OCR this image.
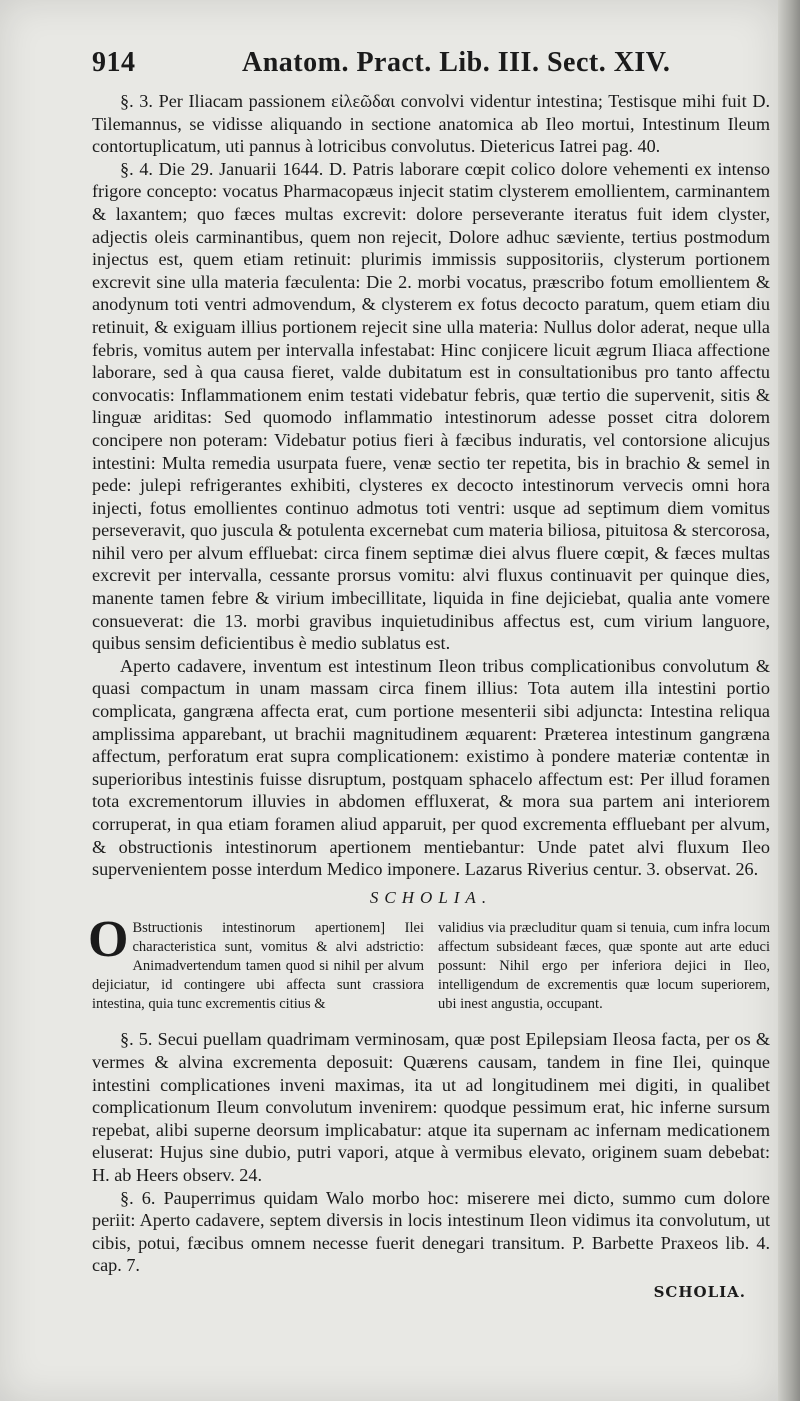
914	Anatom. Pract. Lib. III. Sect. XIV.

§. 3. Per Iliacam passionem εἰλεῶδαι convolvi videntur intestina; Testisque mihi fuit D. Tilemannus, se vidisse aliquando in sectione anatomica ab Ileo mortui, Intestinum Ileum contortuplicatum, uti pannus à lotricibus convolutus. Dietericus Iatrei pag. 40.

§. 4. Die 29. Januarii 1644. D. Patris laborare cœpit colico dolore vehementi ex intenso frigore concepto: vocatus Pharmacopæus injecit statim clysterem emollientem, carminantem & laxantem; quo fæces multas excrevit: dolore perseverante iteratus fuit idem clyster, adjectis oleis carminantibus, quem non rejecit, Dolore adhuc sæviente, tertius postmodum injectus est, quem etiam retinuit: plurimis immissis suppositoriis, clysterum portionem excrevit sine ulla materia fæculenta: Die 2. morbi vocatus, præscribo fotum emollientem & anodynum toti ventri admovendum, & clysterem ex fotus decocto paratum, quem etiam diu retinuit, & exiguam illius portionem rejecit sine ulla materia: Nullus dolor aderat, neque ulla febris, vomitus autem per intervalla infestabat: Hinc conjicere licuit ægrum Iliaca affectione laborare, sed à qua causa fieret, valde dubitatum est in consultationibus pro tanto affectu convocatis: Inflammationem enim testati videbatur febris, quæ tertio die supervenit, sitis & linguæ ariditas: Sed quomodo inflammatio intestinorum adesse posset citra dolorem concipere non poteram: Videbatur potius fieri à fæcibus induratis, vel contorsione alicujus intestini: Multa remedia usurpata fuere, venæ sectio ter repetita, bis in brachio & semel in pede: julepi refrigerantes exhibiti, clysteres ex decocto intestinorum vervecis omni hora injecti, fotus emollientes continuo admotus toti ventri: usque ad septimum diem vomitus perseveravit, quo juscula & potulenta excernebat cum materia biliosa, pituitosa & stercorosa, nihil vero per alvum effluebat: circa finem septimæ diei alvus fluere cœpit, & fæces multas excrevit per intervalla, cessante prorsus vomitu: alvi fluxus continuavit per quinque dies, manente tamen febre & virium imbecillitate, liquida in fine dejiciebat, qualia ante vomere consueverat: die 13. morbi gravibus inquietudinibus affectus est, cum virium languore, quibus sensim deficientibus è medio sublatus est.

Aperto cadavere, inventum est intestinum Ileon tribus complicationibus convolutum & quasi compactum in unam massam circa finem illius: Tota autem illa intestini portio complicata, gangræna affecta erat, cum portione mesenterii sibi adjuncta: Intestina reliqua amplissima apparebant, ut brachii magnitudinem æquarent: Præterea intestinum gangræna affectum, perforatum erat supra complicationem: existimo à pondere materiæ contentæ in superioribus intestinis fuisse disruptum, postquam sphacelo affectum est: Per illud foramen tota excrementorum illuvies in abdomen effluxerat, & mora sua partem ani interiorem corruperat, in qua etiam foramen aliud apparuit, per quod excrementa effluebant per alvum, & obstructionis intestinorum apertionem mentiebantur: Unde patet alvi fluxum Ileo supervenientem posse interdum Medico imponere. Lazarus Riverius centur. 3. observat. 26.

SCHOLIA.
O Bstructionis intestinorum apertionem] Ilei characteristica sunt, vomitus & alvi adstrictio: Animadvertendum tamen quod si nihil per alvum dejiciatur, id contingere ubi affecta sunt crassiora intestina, quia tunc excrementis citius &
validius via præcluditur quam si tenuia, cum infra locum affectum subsideant fæces, quæ sponte aut arte educi possunt: Nihil ergo per inferiora dejici in Ileo, intelligendum de excrementis quæ locum superiorem, ubi inest angustia, occupant.

§. 5. Secui puellam quadrimam verminosam, quæ post Epilepsiam Ileosa facta, per os & vermes & alvina excrementa deposuit: Quærens causam, tandem in fine Ilei, quinque intestini complicationes inveni maximas, ita ut ad longitudinem mei digiti, in qualibet complicationum Ileum convolutum invenirem: quodque pessimum erat, hic inferne sursum repebat, alibi superne deorsum implicabatur: atque ita supernam ac infernam medicationem eluserat: Hujus sine dubio, putri vapori, atque à vermibus elevato, originem suam debebat: H. ab Heers observ. 24.

§. 6. Pauperrimus quidam Walo morbo hoc: miserere mei dicto, summo cum dolore periit: Aperto cadavere, septem diversis in locis intestinum Ileon vidimus ita convolutum, ut cibis, potui, fæcibus omnem necesse fuerit denegari transitum. P. Barbette Praxeos lib. 4. cap. 7.

SCHOLIA.
